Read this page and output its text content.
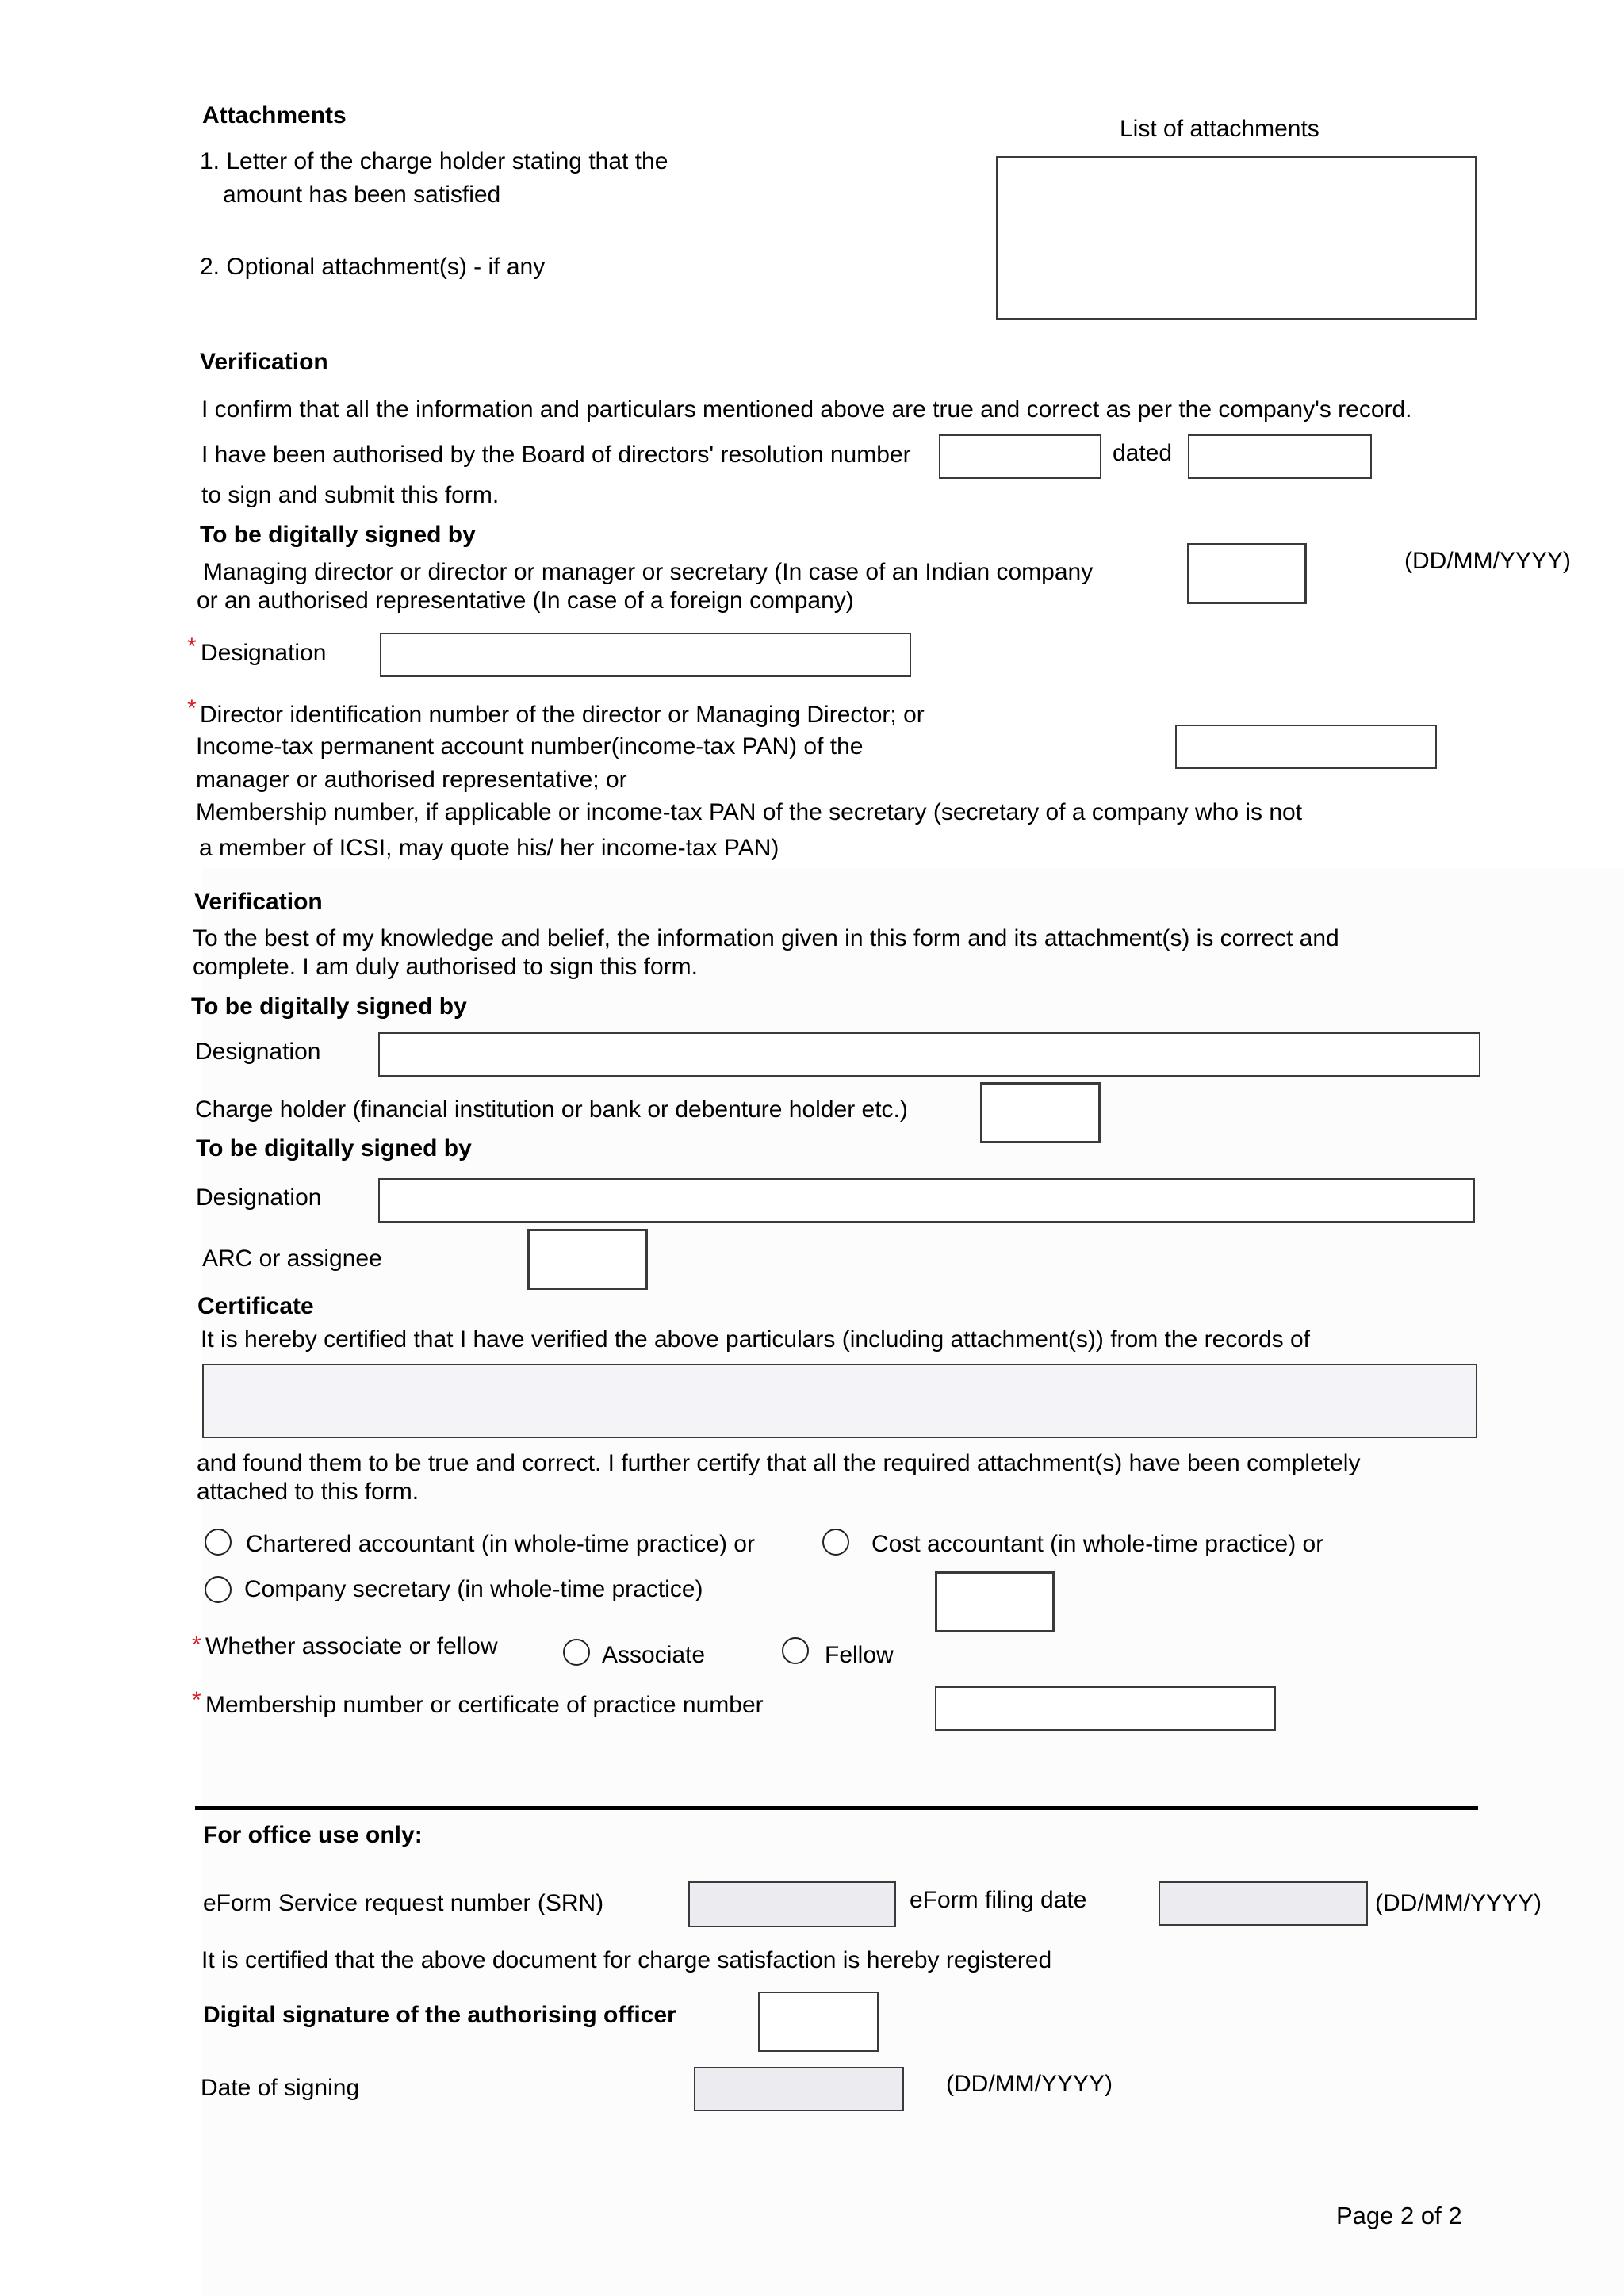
Attachments
List of attachments
1. Letter of the charge holder stating that the
amount has been satisfied
2. Optional attachment(s) - if any
Verification
I confirm that all the information and particulars mentioned above are true and correct as per the company's record.
I have been authorised by the Board of directors' resolution number	dated
to sign and submit this form.
To be digitally signed by
Managing director or director or manager or secretary (In case of an Indian company
or an authorised representative (In case of a foreign company)
(DD/MM/YYYY)
* Designation
* Director identification number of the director or Managing Director; or
Income-tax permanent account number(income-tax PAN) of the
manager or authorised representative; or
Membership number, if applicable or income-tax PAN of the secretary (secretary of a company who is not
a member of ICSI, may quote his/ her income-tax PAN)
Verification
To the best of my knowledge and belief, the information given in this form and its attachment(s) is correct and
complete. I am duly authorised to sign this form.
To be digitally signed by
Designation
Charge holder (financial institution or bank or debenture holder etc.)
To be digitally signed by
Designation
ARC or assignee
Certificate
It is hereby certified that I have verified the above particulars (including attachment(s)) from the records of
and found them to be true and correct. I further certify that all the required attachment(s) have been completely
attached to this form.
Chartered accountant (in whole-time practice) or	Cost accountant (in whole-time practice) or
Company secretary (in whole-time practice)
* Whether associate or fellow	Associate	Fellow
* Membership number or certificate of practice number
For office use only:
eForm Service request number (SRN)	eForm filing date	(DD/MM/YYYY)
It is certified that the above document for charge satisfaction is hereby registered
Digital signature of the authorising officer
Date of signing	(DD/MM/YYYY)
Page 2 of 2
